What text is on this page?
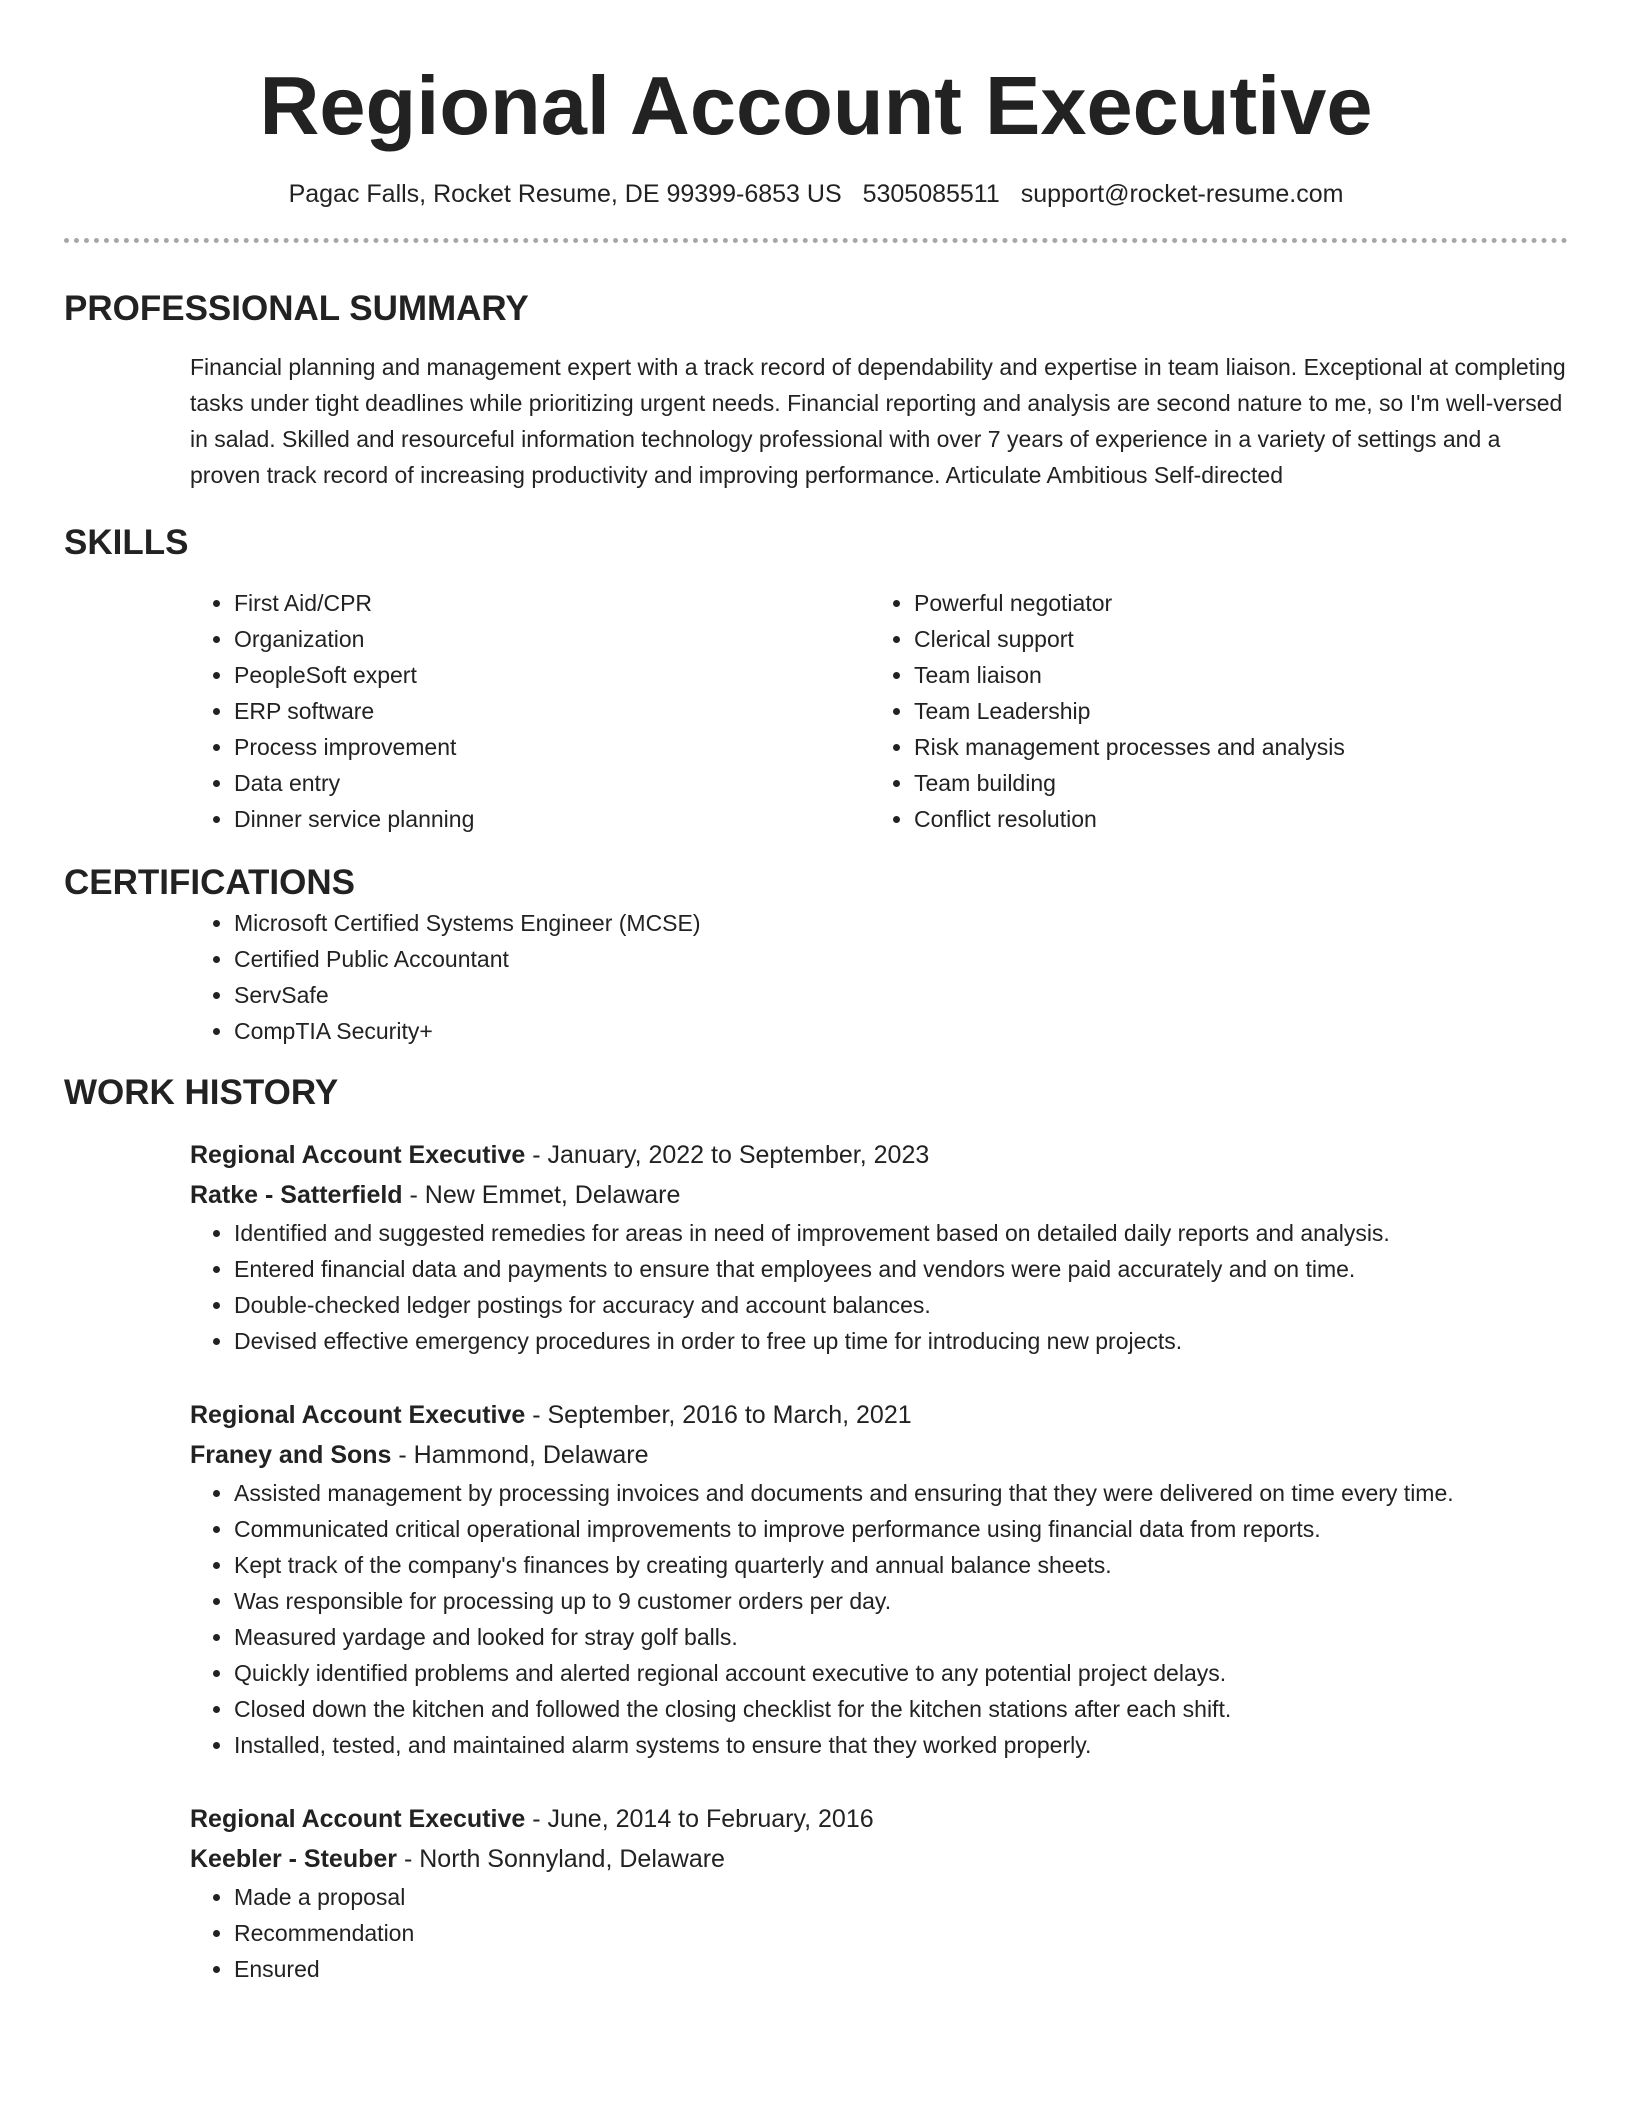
Regional Account Executive
Pagac Falls, Rocket Resume, DE 99399-6853 US 5305085511 support@rocket-resume.com
PROFESSIONAL SUMMARY

Financial planning and management expert with a track record of dependability and expertise in team liaison. Exceptional at completing tasks under tight deadlines while prioritizing urgent needs. Financial reporting and analysis are second nature to me, so I'm well-versed in salad. Skilled and resourceful information technology professional with over 7 years of experience in a variety of settings and a proven track record of increasing productivity and improving performance. Articulate Ambitious Self-directed

SKILLS
• First Aid/CPR
• Organization
• PeopleSoft expert
• ERP software
• Process improvement
• Data entry
• Dinner service planning
• Powerful negotiator
• Clerical support
• Team liaison
• Team Leadership
• Risk management processes and analysis
• Team building
• Conflict resolution
CERTIFICATIONS
• Microsoft Certified Systems Engineer (MCSE)
• Certified Public Accountant
• ServSafe
• CompTIA Security+
WORK HISTORY
Regional Account Executive - January, 2022 to September, 2023
Ratke - Satterfield - New Emmet, Delaware
• Identified and suggested remedies for areas in need of improvement based on detailed daily reports and analysis.
• Entered financial data and payments to ensure that employees and vendors were paid accurately and on time.
• Double-checked ledger postings for accuracy and account balances.
• Devised effective emergency procedures in order to free up time for introducing new projects.
Regional Account Executive - September, 2016 to March, 2021
Franey and Sons - Hammond, Delaware
• Assisted management by processing invoices and documents and ensuring that they were delivered on time every time.
• Communicated critical operational improvements to improve performance using financial data from reports.
• Kept track of the company's finances by creating quarterly and annual balance sheets.
• Was responsible for processing up to 9 customer orders per day.
• Measured yardage and looked for stray golf balls.
• Quickly identified problems and alerted regional account executive to any potential project delays.
• Closed down the kitchen and followed the closing checklist for the kitchen stations after each shift.
• Installed, tested, and maintained alarm systems to ensure that they worked properly.
Regional Account Executive - June, 2014 to February, 2016
Keebler - Steuber - North Sonnyland, Delaware
• Made a proposal
• Recommendation
• Ensured
